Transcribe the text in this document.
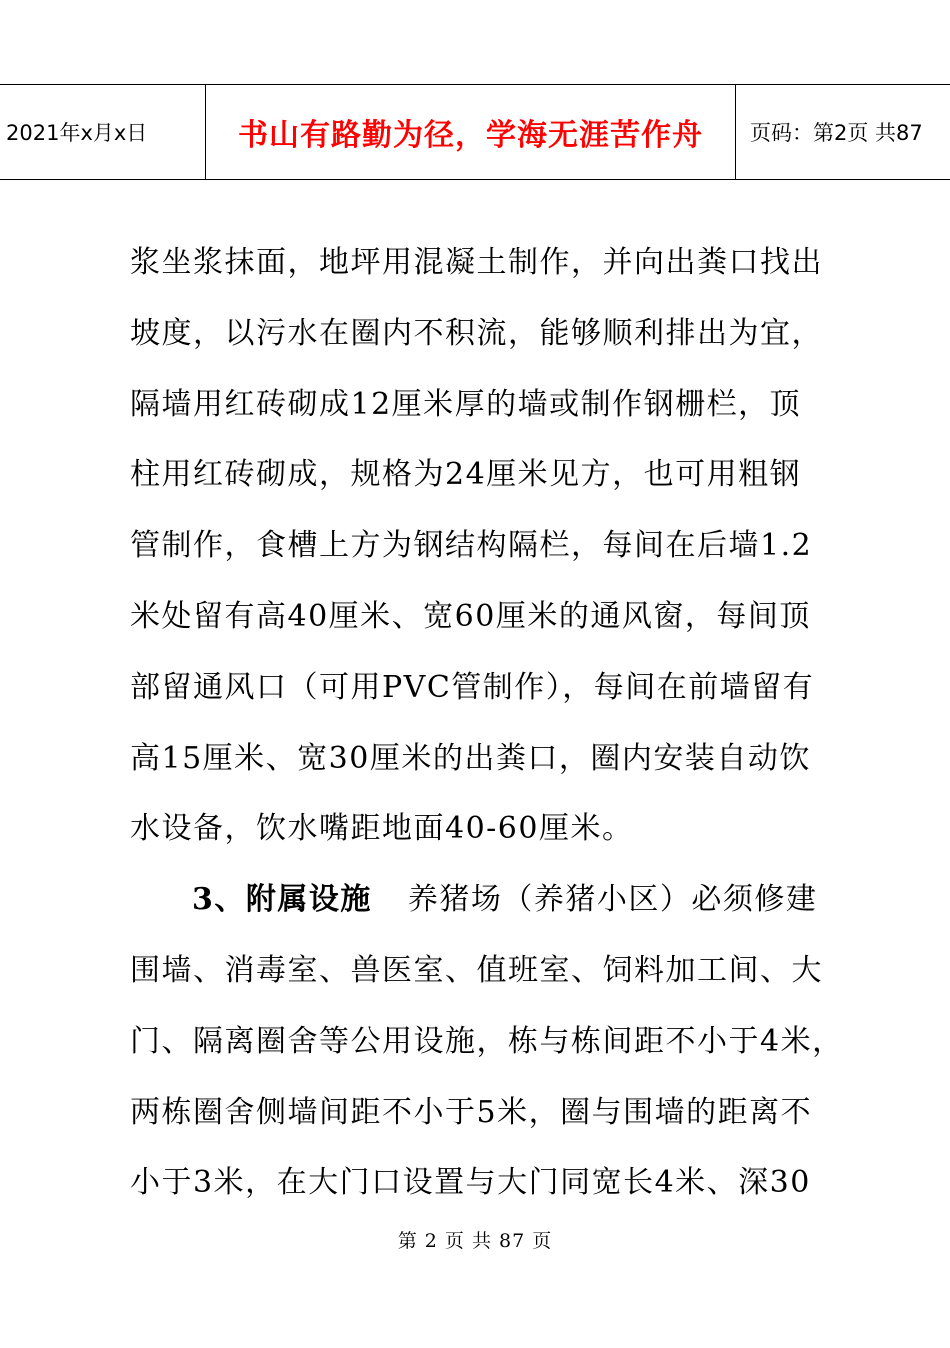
2021年x月x日	书山有路勤为径，学海无涯苦作舟	页码：第2页 共87
浆坐浆抹面，地坪用混凝土制作，并向出粪口找出
坡度，以污水在圈内不积流，能够顺利排出为宜，
隔墙用红砖砌成12厘米厚的墙或制作钢栅栏，顶
柱用红砖砌成，规格为24厘米见方，也可用粗钢
管制作，食槽上方为钢结构隔栏，每间在后墙1.2
米处留有高40厘米、宽60厘米的通风窗，每间顶
部留通风口（可用PVC管制作），每间在前墙留有
高15厘米、宽30厘米的出粪口，圈内安装自动饮
水设备，饮水嘴距地面40-60厘米。
3、附属设施 养猪场（养猪小区）必须修建
围墙、消毒室、兽医室、值班室、饲料加工间、大
门、隔离圈舍等公用设施，栋与栋间距不小于4米，
两栋圈舍侧墙间距不小于5米，圈与围墙的距离不
小于3米，在大门口设置与大门同宽长4米、深30
第 2 页 共 87 页
